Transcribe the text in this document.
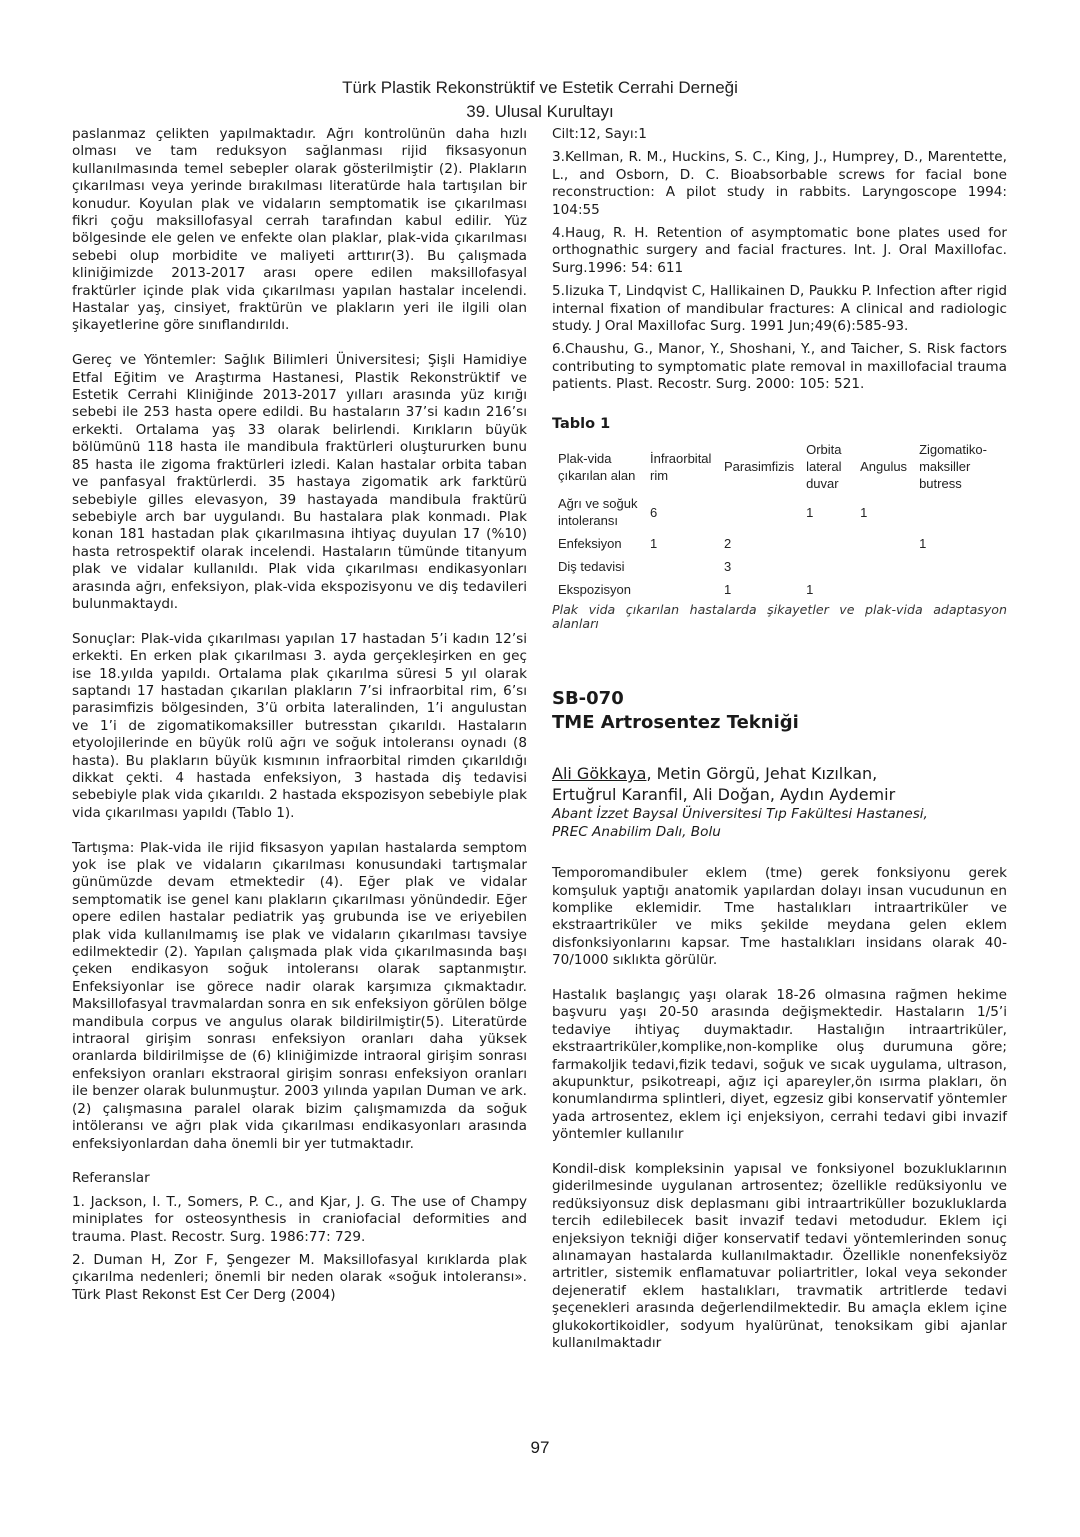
Türk Plastik Rekonstrüktif ve Estetik Cerrahi Derneği
39. Ulusal Kurultayı

paslanmaz çelikten yapılmaktadır. Ağrı kontrolünün daha hızlı olması ve tam reduksyon sağlanması rijid fiksasyonun kullanılmasında temel sebepler olarak gösterilmiştir (2). Plakların çıkarılması veya yerinde bırakılması literatürde hala tartışılan bir konudur. Koyulan plak ve vidaların semptomatik ise çıkarılması fikri çoğu maksillofasyal cerrah tarafından kabul edilir. Yüz bölgesinde ele gelen ve enfekte olan plaklar, plak-vida çıkarılması sebebi olup morbidite ve maliyeti arttırır(3). Bu çalışmada kliniğimizde 2013-2017 arası opere edilen maksillofasyal fraktürler içinde plak vida çıkarılması yapılan hastalar incelendi. Hastalar yaş, cinsiyet, fraktürün ve plakların yeri ile ilgili olan şikayetlerine göre sınıflandırıldı.

Gereç ve Yöntemler: Sağlık Bilimleri Üniversitesi; Şişli Hamidiye Etfal Eğitim ve Araştırma Hastanesi, Plastik Rekonstrüktif ve Estetik Cerrahi Kliniğinde 2013-2017 yılları arasında yüz kırığı sebebi ile 253 hasta opere edildi. Bu hastaların 37’si kadın 216’sı erkekti. Ortalama yaş 33 olarak belirlendi. Kırıkların büyük bölümünü 118 hasta ile mandibula fraktürleri oluştururken bunu 85 hasta ile zigoma fraktürleri izledi. Kalan hastalar orbita taban ve panfasyal fraktürlerdi. 35 hastaya zigomatik ark farktürü sebebiyle gilles elevasyon, 39 hastayada mandibula fraktürü sebebiyle arch bar uygulandı. Bu hastalara plak konmadı. Plak konan 181 hastadan plak çıkarılmasına ihtiyaç duyulan 17 (%10) hasta retrospektif olarak incelendi. Hastaların tümünde titanyum plak ve vidalar kullanıldı. Plak vida çıkarılması endikasyonları arasında ağrı, enfeksiyon, plak-vida ekspozisyonu ve diş tedavileri bulunmaktaydı.

Sonuçlar: Plak-vida çıkarılması yapılan 17 hastadan 5’i kadın 12’si erkekti. En erken plak çıkarılması 3. ayda gerçekleşirken en geç ise 18.yılda yapıldı. Ortalama plak çıkarılma süresi 5 yıl olarak saptandı 17 hastadan çıkarılan plakların 7’si infraorbital rim, 6’sı parasimfizis bölgesinden, 3’ü orbita lateralinden, 1’i angulustan ve 1’i de zigomatikomaksiller butresstan çıkarıldı. Hastaların etyolojilerinde en büyük rolü ağrı ve soğuk intoleransı oynadı (8 hasta). Bu plakların büyük kısmının infraorbital rimden çıkarıldığı dikkat çekti. 4 hastada enfeksiyon, 3 hastada diş tedavisi sebebiyle plak vida çıkarıldı. 2 hastada ekspozisyon sebebiyle plak vida çıkarılması yapıldı (Tablo 1).

Tartışma: Plak-vida ile rijid fiksasyon yapılan hastalarda semptom yok ise plak ve vidaların çıkarılması konusundaki tartışmalar günümüzde devam etmektedir (4). Eğer plak ve vidalar semptomatik ise genel kanı plakların çıkarılması yönündedir. Eğer opere edilen hastalar pediatrik yaş grubunda ise ve eriyebilen plak vida kullanılmamış ise plak ve vidaların çıkarılması tavsiye edilmektedir (2). Yapılan çalışmada plak vida çıkarılmasında başı çeken endikasyon soğuk intoleransı olarak saptanmıştır. Enfeksiyonlar ise görece nadir olarak karşımıza çıkmaktadır. Maksillofasyal travmalardan sonra en sık enfeksiyon görülen bölge mandibula corpus ve angulus olarak bildirilmiştir(5). Literatürde intraoral girişim sonrası enfeksiyon oranları daha yüksek oranlarda bildirilmişse de (6) kliniğimizde intraoral girişim sonrası enfeksiyon oranları ekstraoral girişim sonrası enfeksiyon oranları ile benzer olarak bulunmuştur. 2003 yılında yapılan Duman ve ark. (2) çalışmasına paralel olarak bizim çalışmamızda da soğuk intöleransı ve ağrı plak vida çıkarılması endikasyonları arasında enfeksiyonlardan daha önemli bir yer tutmaktadır.

Referanslar

1. Jackson, I. T., Somers, P. C., and Kjar, J. G. The use of Champy miniplates for osteosynthesis in craniofacial deformities and trauma. Plast. Recostr. Surg. 1986:77: 729.

2. Duman H, Zor F, Şengezer M. Maksillofasyal kırıklarda plak çıkarılma nedenleri; önemli bir neden olarak «soğuk intoleransı». Türk Plast Rekonst Est Cer Derg (2004)

Cilt:12, Sayı:1

3.Kellman, R. M., Huckins, S. C., King, J., Humprey, D., Marentette, L., and Osborn, D. C. Bioabsorbable screws for facial bone reconstruction: A pilot study in rabbits. Laryngoscope 1994: 104:55

4.Haug, R. H. Retention of asymptomatic bone plates used for orthognathic surgery and facial fractures. Int. J. Oral Maxillofac. Surg.1996: 54: 611

5.Iizuka T, Lindqvist C, Hallikainen D, Paukku P. Infection after rigid internal fixation of mandibular fractures: A clinical and radiologic study. J Oral Maxillofac Surg. 1991 Jun;49(6):585-93.

6.Chaushu, G., Manor, Y., Shoshani, Y., and Taicher, S. Risk factors contributing to symptomatic plate removal in maxillofacial trauma patients. Plast. Recostr. Surg. 2000: 105: 521.

Tablo 1
Plak-vida çıkarılan alan	İnfraorbital rim	Parasimfizis	Orbita lateral duvar	Angulus	Zigomatiko-maksiller butress
Ağrı ve soğuk intoleransı	6		1	1	
Enfeksiyon	1	2			1
Diş tedavisi		3			
Ekspozisyon		1	1		
Plak vida çıkarılan hastalarda şikayetler ve plak-vida adaptasyon alanları
SB-070
TME Artrosentez Tekniği
Ali Gökkaya, Metin Görgü, Jehat Kızılkan,
Ertuğrul Karanfil, Ali Doğan, Aydın Aydemir
Abant İzzet Baysal Üniversitesi Tıp Fakültesi Hastanesi,
PREC Anabilim Dalı, Bolu

Temporomandibuler eklem (tme) gerek fonksiyonu gerek komşuluk yaptığı anatomik yapılardan dolayı insan vucudunun en komplike eklemidir. Tme hastalıkları intraartriküler ve ekstraartriküler ve miks şekilde meydana gelen eklem disfonksiyonlarını kapsar. Tme hastalıkları insidans olarak 40-70/1000 sıklıkta görülür.

Hastalık başlangıç yaşı olarak 18-26 olmasına rağmen hekime başvuru yaşı 20-50 arasında değişmektedir. Hastaların 1/5’i tedaviye ihtiyaç duymaktadır. Hastalığın intraartriküler, ekstraartriküler,komplike,non-komplike oluş durumuna göre; farmakoljik tedavi,fizik tedavi, soğuk ve sıcak uygulama, ultrason, akupunktur, psikotreapi, ağız içi apareyler,ön ısırma plakları, ön konumlandırma splintleri, diyet, egzesiz gibi konservatif yöntemler yada artrosentez, eklem içi enjeksiyon, cerrahi tedavi gibi invazif yöntemler kullanılır

Kondil-disk kompleksinin yapısal ve fonksiyonel bozukluklarının giderilmesinde uygulanan artrosentez; özellikle redüksiyonlu ve redüksiyonsuz disk deplasmanı gibi intraartriküller bozukluklarda tercih edilebilecek basit invazif tedavi metodudur. Eklem içi enjeksiyon tekniği diğer konservatif tedavi yöntemlerinden sonuç alınamayan hastalarda kullanılmaktadır. Özellikle nonenfeksiyöz artritler, sistemik enflamatuvar poliartritler, lokal veya sekonder dejeneratif eklem hastalıkları, travmatik artritlerde tedavi şeçenekleri arasında değerlendilmektedir. Bu amaçla eklem içine glukokortikoidler, sodyum hyalürünat, tenoksikam gibi ajanlar kullanılmaktadır

97
